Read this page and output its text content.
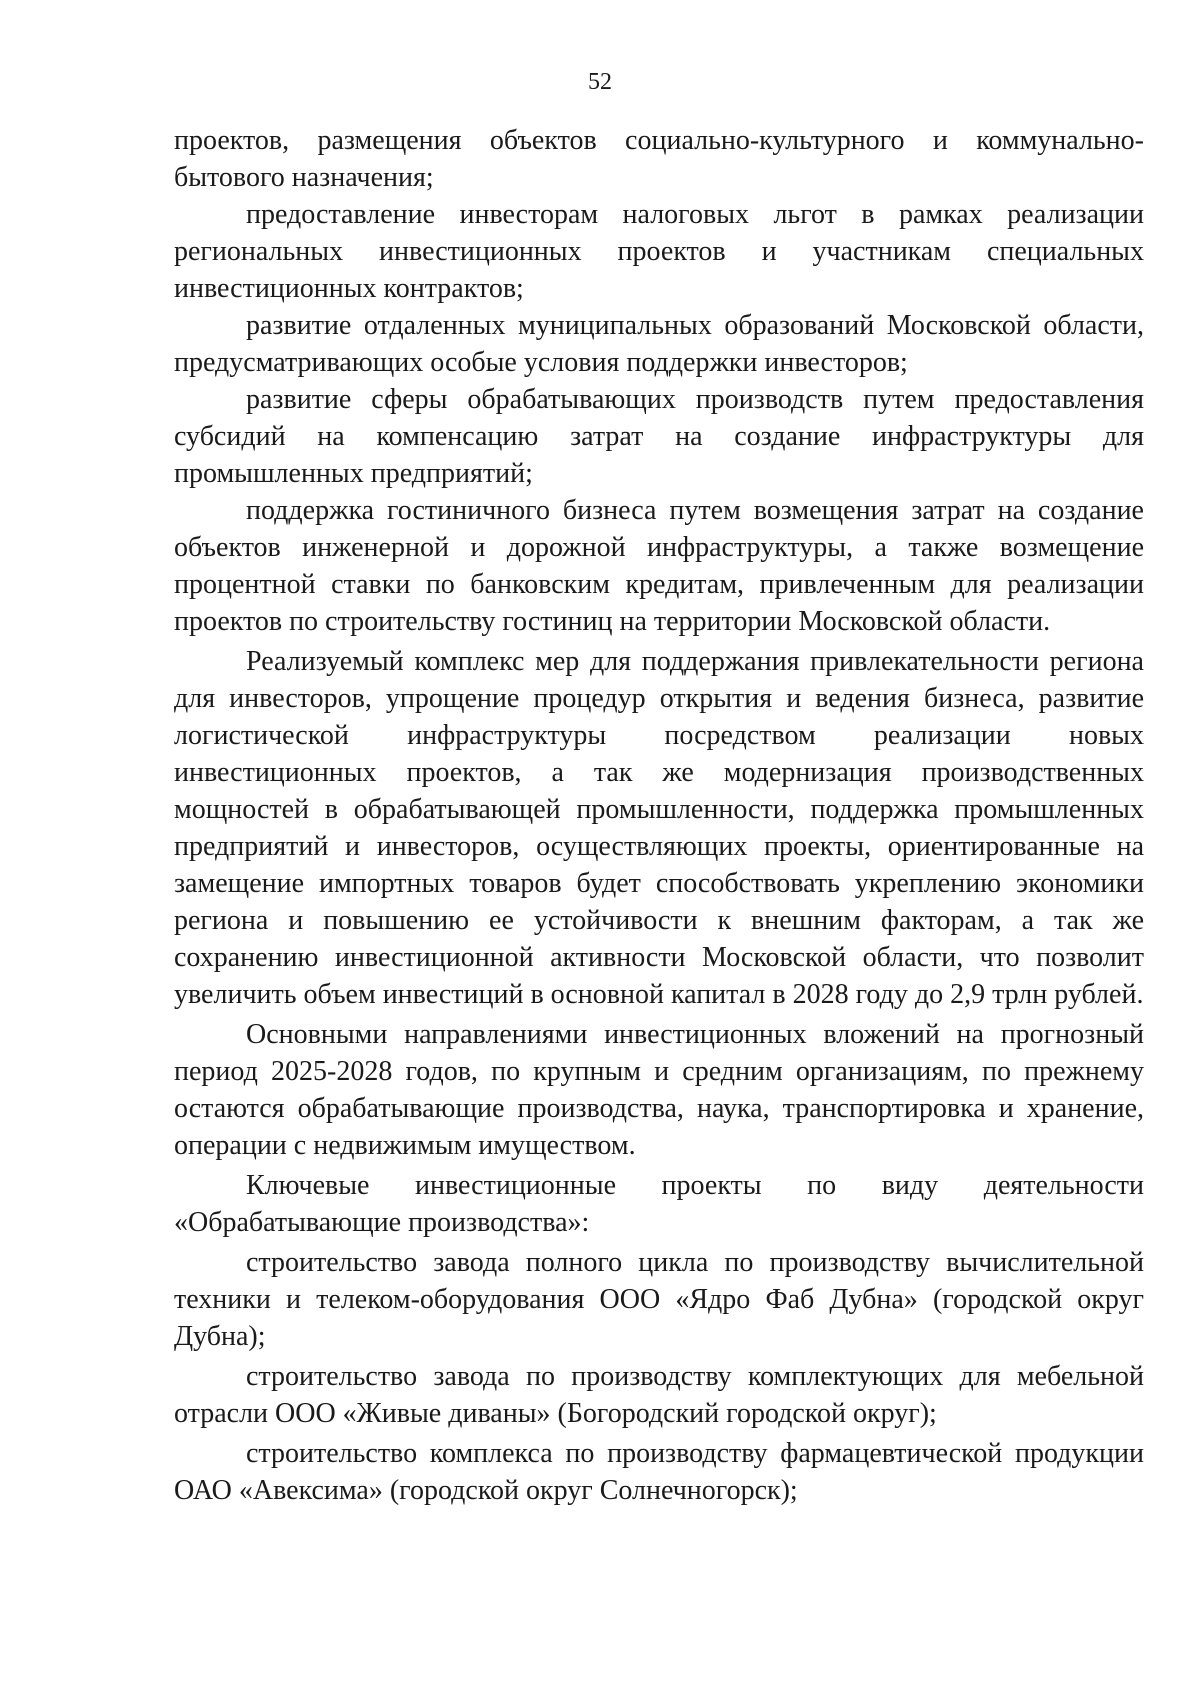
52

проектов, размещения объектов социально-культурного и коммунально-бытового назначения;

предоставление инвесторам налоговых льгот в рамках реализации региональных инвестиционных проектов и участникам специальных инвестиционных контрактов;

развитие отдаленных муниципальных образований Московской области, предусматривающих особые условия поддержки инвесторов;

развитие сферы обрабатывающих производств путем предоставления субсидий на компенсацию затрат на создание инфраструктуры для промышленных предприятий;

поддержка гостиничного бизнеса путем возмещения затрат на создание объектов инженерной и дорожной инфраструктуры, а также возмещение процентной ставки по банковским кредитам, привлеченным для реализации проектов по строительству гостиниц на территории Московской области.

Реализуемый комплекс мер для поддержания привлекательности региона для инвесторов, упрощение процедур открытия и ведения бизнеса, развитие логистической инфраструктуры посредством реализации новых инвестиционных проектов, а так же модернизация производственных мощностей в обрабатывающей промышленности, поддержка промышленных предприятий и инвесторов, осуществляющих проекты, ориентированные на замещение импортных товаров будет способствовать укреплению экономики региона и повышению ее устойчивости к внешним факторам, а так же сохранению инвестиционной активности Московской области, что позволит увеличить объем инвестиций в основной капитал в 2028 году до 2,9 трлн рублей.

Основными направлениями инвестиционных вложений на прогнозный период 2025-2028 годов, по крупным и средним организациям, по прежнему остаются обрабатывающие производства, наука, транспортировка и хранение, операции с недвижимым имуществом.

Ключевые инвестиционные проекты по виду деятельности «Обрабатывающие производства»:

строительство завода полного цикла по производству вычислительной техники и телеком-оборудования ООО «Ядро Фаб Дубна» (городской округ Дубна);

строительство завода по производству комплектующих для мебельной отрасли ООО «Живые диваны» (Богородский городской округ);

строительство комплекса по производству фармацевтической продукции ОАО «Авексима» (городской округ Солнечногорск);
